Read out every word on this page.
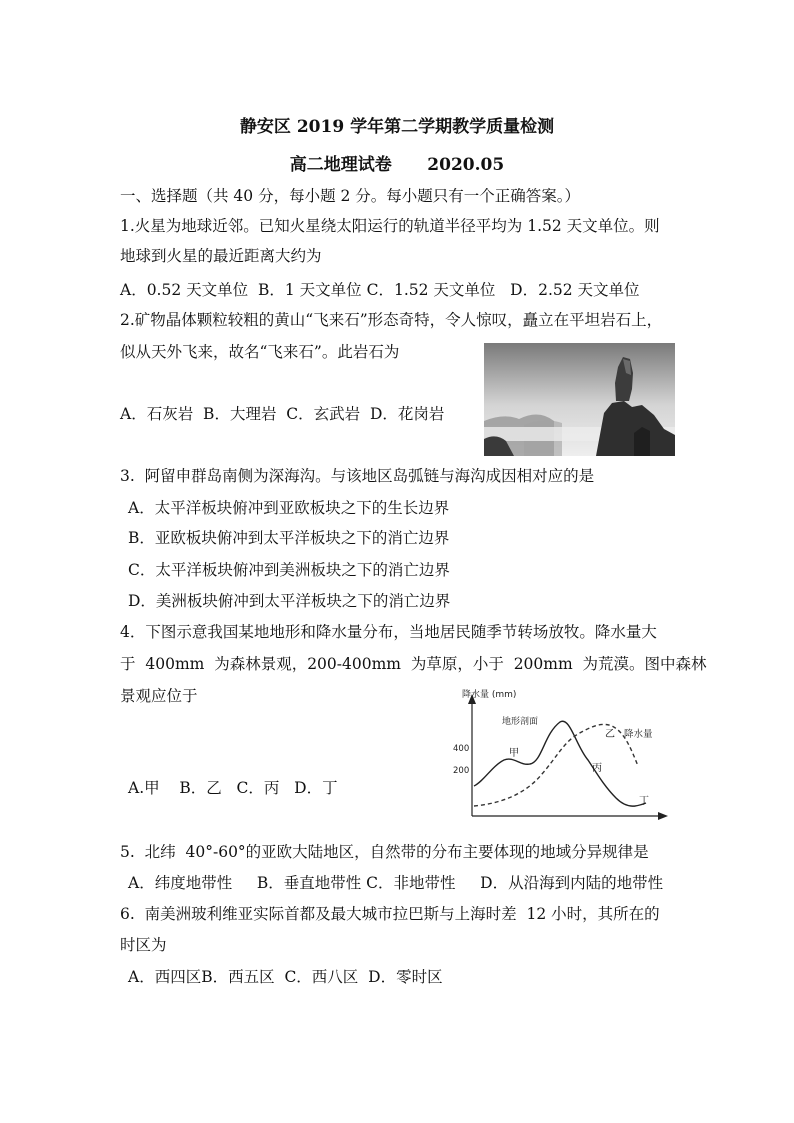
静安区 2019 学年第二学期教学质量检测
高二地理试卷      2020.05
一、选择题（共 40 分，每小题 2 分。每小题只有一个正确答案。）
1.火星为地球近邻。已知火星绕太阳运行的轨道半径平均为 1.52 天文单位。则
地球到火星的最近距离大约为
A．0.52 天文单位  B．1 天文单位 C．1.52 天文单位   D．2.52 天文单位
2.矿物晶体颗粒较粗的黄山“飞来石”形态奇特，令人惊叹，矗立在平坦岩石上，
似从天外飞来，故名“飞来石”。此岩石为
A．石灰岩  B．大理岩  C．玄武岩  D．花岗岩
3.  阿留申群岛南侧为深海沟。与该地区岛弧链与海沟成因相对应的是
A．太平洋板块俯冲到亚欧板块之下的生长边界
B．亚欧板块俯冲到太平洋板块之下的消亡边界
C．太平洋板块俯冲到美洲板块之下的消亡边界
D．美洲板块俯冲到太平洋板块之下的消亡边界
4．下图示意我国某地地形和降水量分布，当地居民随季节转场放牧。降水量大
于  400mm  为森林景观，200-400mm  为草原，小于  200mm  为荒漠。图中森林
景观应位于
A.甲    B．乙   C．丙   D．丁
降水量 (mm)
400
200
地形剖面
降水量
甲
乙
丙
丁
5.  北纬  40°-60°的亚欧大陆地区，自然带的分布主要体现的地域分异规律是
A．纬度地带性     B．垂直地带性 C．非地带性     D．从沿海到内陆的地带性
6.  南美洲玻利维亚实际首都及最大城市拉巴斯与上海时差  12 小时，其所在的
时区为
A．西四区B．西五区  C．西八区  D．零时区
